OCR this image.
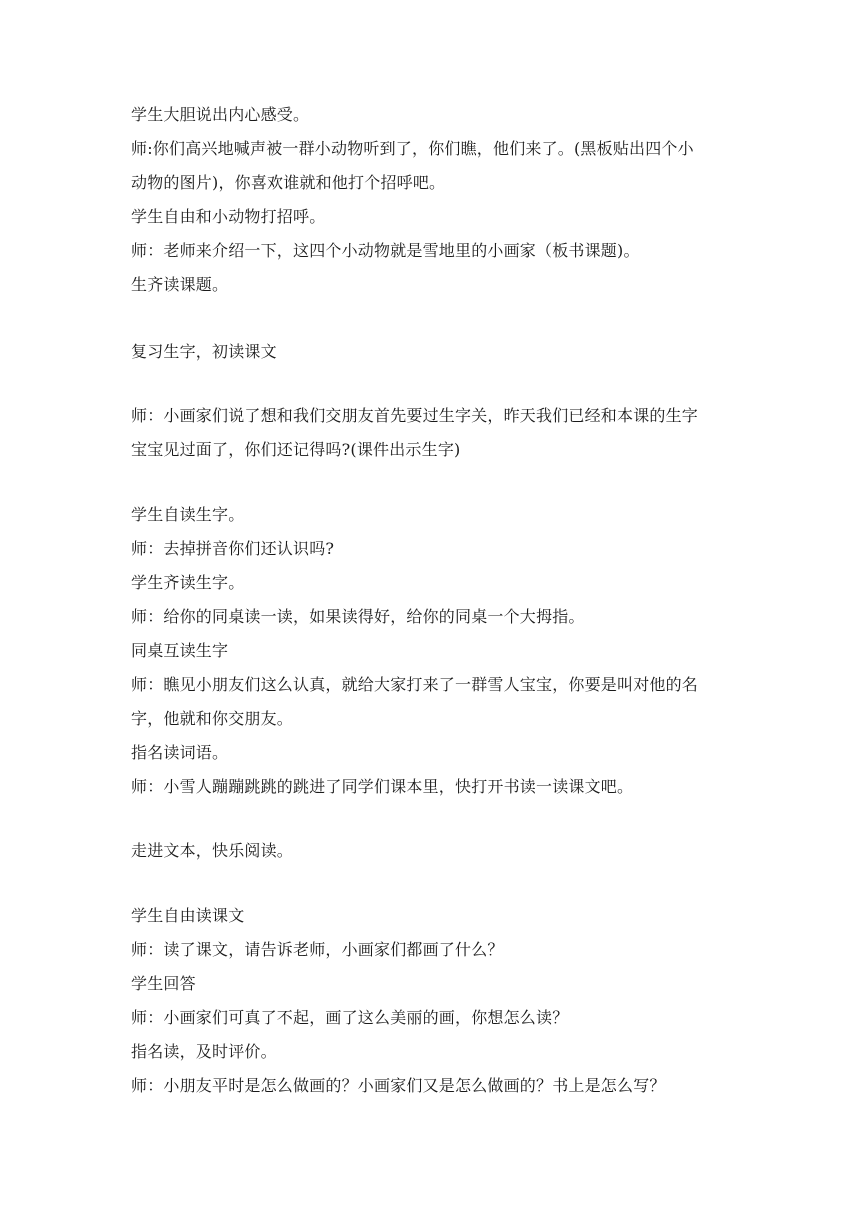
学生大胆说出内心感受。
师:你们高兴地喊声被一群小动物听到了，你们瞧，他们来了。(黑板贴出四个小
动物的图片)，你喜欢谁就和他打个招呼吧。
学生自由和小动物打招呼。
师：老师来介绍一下，这四个小动物就是雪地里的小画家（板书课题)。
生齐读课题。
复习生字，初读课文
师：小画家们说了想和我们交朋友首先要过生字关，昨天我们已经和本课的生字
宝宝见过面了，你们还记得吗?(课件出示生字)
学生自读生字。
师：去掉拼音你们还认识吗?
学生齐读生字。
师：给你的同桌读一读，如果读得好，给你的同桌一个大拇指。
同桌互读生字
师：瞧见小朋友们这么认真，就给大家打来了一群雪人宝宝，你要是叫对他的名
字，他就和你交朋友。
指名读词语。
师：小雪人蹦蹦跳跳的跳进了同学们课本里，快打开书读一读课文吧。
走进文本，快乐阅读。
学生自由读课文
师：读了课文，请告诉老师，小画家们都画了什么？
学生回答
师：小画家们可真了不起，画了这么美丽的画，你想怎么读？
指名读，及时评价。
师：小朋友平时是怎么做画的？小画家们又是怎么做画的？书上是怎么写？
